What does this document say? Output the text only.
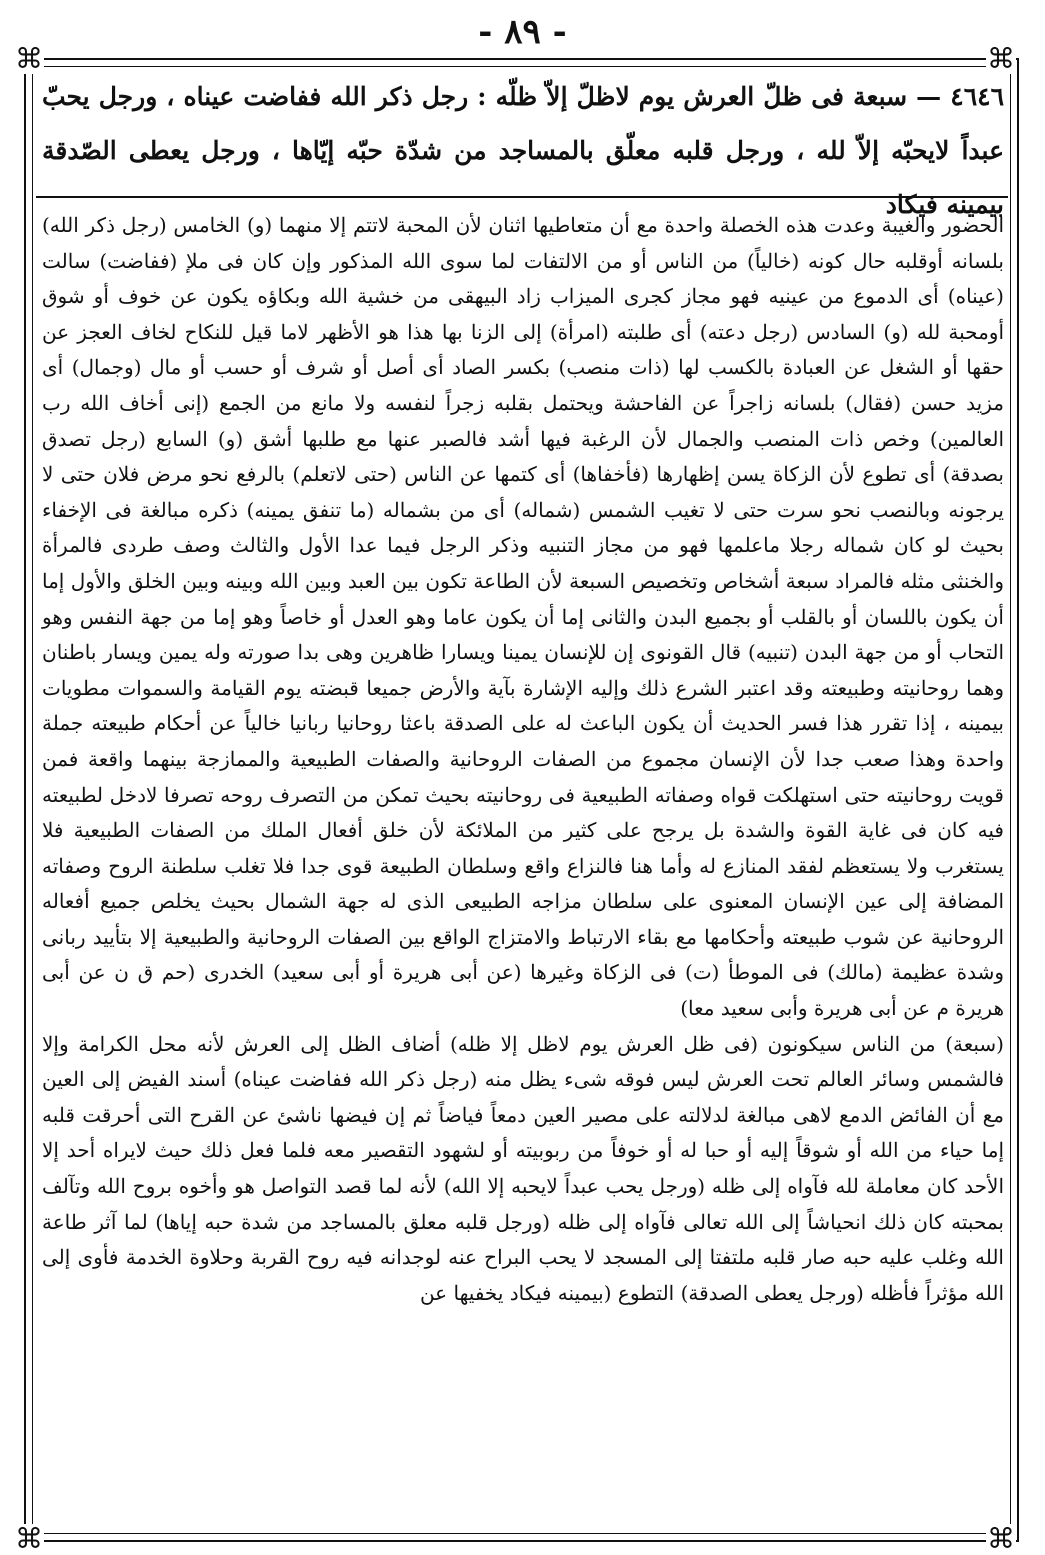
- ٨٩ -
⌘	⌘
⌘	⌘

٤٦٤٦ — سبعة فى ظلّ العرش يوم لاظلّ إلاّ ظلّه : رجل ذكر الله ففاضت عيناه ، ورجل يحبّ عبداً لايحبّه إلاّ لله ، ورجل قلبه معلّق بالمساجد من شدّة حبّه إيّاها ، ورجل يعطى الصّدقة بيمينه فيكاد

الحضور والغيبة وعدت هذه الخصلة واحدة مع أن متعاطيها اثنان لأن المحبة لاتتم إلا منهما (و) الخامس (رجل ذكر الله) بلسانه أوقلبه حال كونه (خالياً) من الناس أو من الالتفات لما سوى الله المذكور وإن كان فى ملإ (ففاضت) سالت (عيناه) أى الدموع من عينيه فهو مجاز كجرى الميزاب زاد البيهقى من خشية الله وبكاؤه يكون عن خوف أو شوق أومحبة لله (و) السادس (رجل دعته) أى طلبته (امرأة) إلى الزنا بها هذا هو الأظهر لاما قيل للنكاح لخاف العجز عن حقها أو الشغل عن العبادة بالكسب لها (ذات منصب) بكسر الصاد أى أصل أو شرف أو حسب أو مال (وجمال) أى مزيد حسن (فقال) بلسانه زاجراً عن الفاحشة ويحتمل بقلبه زجراً لنفسه ولا مانع من الجمع (إنى أخاف الله رب العالمين) وخص ذات المنصب والجمال لأن الرغبة فيها أشد فالصبر عنها مع طلبها أشق (و) السابع (رجل تصدق بصدقة) أى تطوع لأن الزكاة يسن إظهارها (فأخفاها) أى كتمها عن الناس (حتى لاتعلم) بالرفع نحو مرض فلان حتى لا يرجونه وبالنصب نحو سرت حتى لا تغيب الشمس (شماله) أى من بشماله (ما تنفق يمينه) ذكره مبالغة فى الإخفاء بحيث لو كان شماله رجلا ماعلمها فهو من مجاز التنبيه وذكر الرجل فيما عدا الأول والثالث وصف طردى فالمرأة والخنثى مثله فالمراد سبعة أشخاص وتخصيص السبعة لأن الطاعة تكون بين العبد وبين الله وبينه وبين الخلق والأول إما أن يكون باللسان أو بالقلب أو بجميع البدن والثانى إما أن يكون عاما وهو العدل أو خاصاً وهو إما من جهة النفس وهو التحاب أو من جهة البدن (تنبيه) قال القونوى إن للإنسان يمينا ويسارا ظاهرين وهى بدا صورته وله يمين ويسار باطنان وهما روحانيته وطبيعته وقد اعتبر الشرع ذلك وإليه الإشارة بآية والأرض جميعا قبضته يوم القيامة والسموات مطويات بيمينه ، إذا تقرر هذا فسر الحديث أن يكون الباعث له على الصدقة باعثا روحانيا ربانيا خالياً عن أحكام طبيعته جملة واحدة وهذا صعب جدا لأن الإنسان مجموع من الصفات الروحانية والصفات الطبيعية والممازجة بينهما واقعة فمن قويت روحانيته حتى استهلكت قواه وصفاته الطبيعية فى روحانيته بحيث تمكن من التصرف روحه تصرفا لادخل لطبيعته فيه كان فى غاية القوة والشدة بل يرجح على كثير من الملائكة لأن خلق أفعال الملك من الصفات الطبيعية فلا يستغرب ولا يستعظم لفقد المنازع له وأما هنا فالنزاع واقع وسلطان الطبيعة قوى جدا فلا تغلب سلطنة الروح وصفاته المضافة إلى عين الإنسان المعنوى على سلطان مزاجه الطبيعى الذى له جهة الشمال بحيث يخلص جميع أفعاله الروحانية عن شوب طبيعته وأحكامها مع بقاء الارتباط والامتزاج الواقع بين الصفات الروحانية والطبيعية إلا بتأييد ربانى وشدة عظيمة (مالك) فى الموطأ (ت) فى الزكاة وغيرها (عن أبى هريرة أو أبى سعيد) الخدرى (حم ق ن عن أبى هريرة م عن أبى هريرة وأبى سعيد معا)

(سبعة) من الناس سيكونون (فى ظل العرش يوم لاظل إلا ظله) أضاف الظل إلى العرش لأنه محل الكرامة وإلا فالشمس وسائر العالم تحت العرش ليس فوقه شىء يظل منه (رجل ذكر الله ففاضت عيناه) أسند الفيض إلى العين مع أن الفائض الدمع لاهى مبالغة لدلالته على مصير العين دمعاً فياضاً ثم إن فيضها ناشئ عن القرح التى أحرقت قلبه إما حياء من الله أو شوقاً إليه أو حبا له أو خوفاً من ربوبيته أو لشهود التقصير معه فلما فعل ذلك حيث لايراه أحد إلا الأحد كان معاملة لله فآواه إلى ظله (ورجل يحب عبداً لايحبه إلا الله) لأنه لما قصد التواصل هو وأخوه بروح الله وتآلف بمحبته كان ذلك انحياشاً إلى الله تعالى فآواه إلى ظله (ورجل قلبه معلق بالمساجد من شدة حبه إياها) لما آثر طاعة الله وغلب عليه حبه صار قلبه ملتفتا إلى المسجد لا يحب البراح عنه لوجدانه فيه روح القربة وحلاوة الخدمة فأوى إلى الله مؤثراً فأظله (ورجل يعطى الصدقة) التطوع (بيمينه فيكاد يخفيها عن
